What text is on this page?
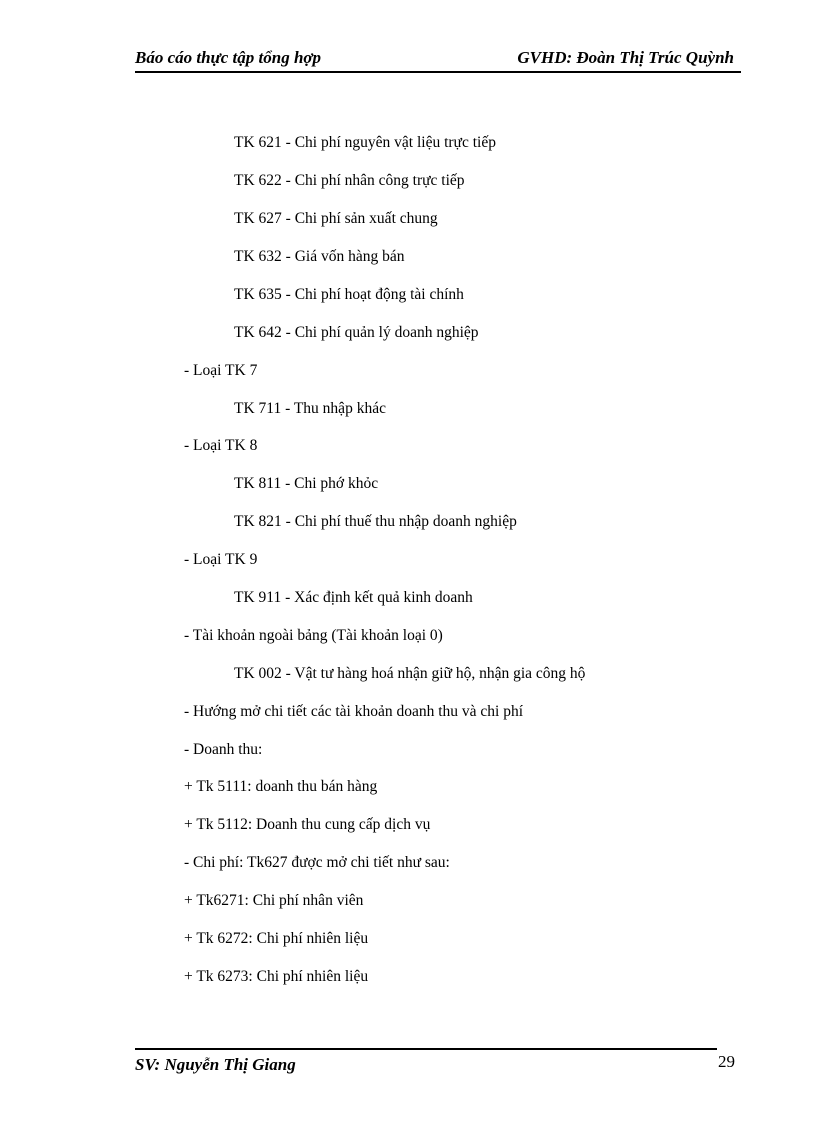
Báo cáo thực tập tổng hợp	GVHD: Đoàn Thị Trúc Quỳnh
TK 621 - Chi phí nguyên vật liệu trực tiếp
TK 622 - Chi phí nhân công trực tiếp
TK 627 - Chi phí sản xuất chung
TK 632 - Giá vốn hàng bán
TK 635 - Chi phí hoạt động tài chính
TK 642 - Chi phí quản lý doanh nghiệp
- Loại TK 7
TK 711 - Thu nhập khác
- Loại TK 8
TK 811 - Chi phớ khỏc
TK 821 - Chi phí thuế thu nhập doanh nghiệp
- Loại TK 9
TK 911 - Xác định kết quả kinh doanh
- Tài khoản ngoài bảng (Tài khoản loại 0)
TK 002 - Vật tư hàng hoá nhận giữ hộ, nhận gia công hộ
- Hướng mở chi tiết các tài khoản doanh thu và chi phí
- Doanh thu:
+ Tk 5111: doanh thu bán hàng
+ Tk 5112: Doanh thu cung cấp dịch vụ
- Chi phí: Tk627 được mở chi tiết như sau:
+ Tk6271: Chi phí nhân viên
+ Tk 6272: Chi phí nhiên liệu
+ Tk 6273: Chi phí nhiên liệu
SV: Nguyễn Thị Giang	29
